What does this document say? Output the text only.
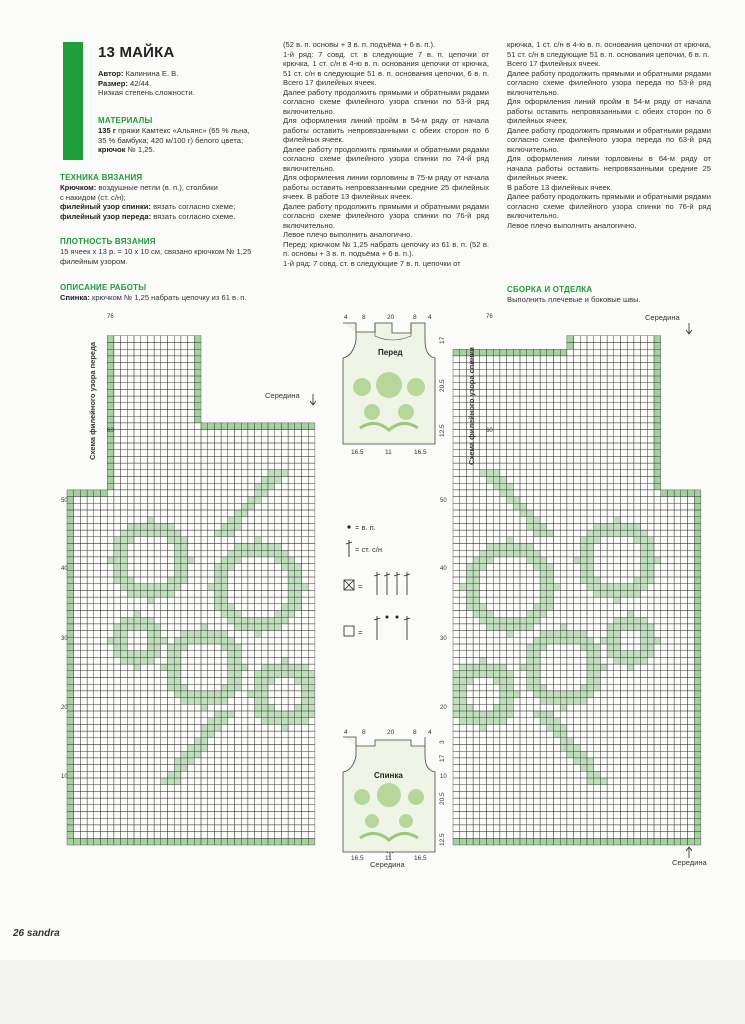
13 МАЙКА
Автор: Калинина Е. В.
Размер: 42/44.
Низкая степень сложности.
МАТЕРИАЛЫ
135 г пряжи Камтекс «Альянс» (65 % льна,
35 % бамбука; 420 м/100 г) белого цвета;
крючок № 1,25.
ТЕХНИКА ВЯЗАНИЯ
Крючком: воздушные петли (в. п.), столбики
с накидом (ст. с/н);
филейный узор спинки: вязать согласно схеме;
филейный узор переда: вязать согласно схеме.
ПЛОТНОСТЬ ВЯЗАНИЯ
15 ячеек х 13 р. = 10 х 10 см, связано крючком № 1,25
филейным узором.
ОПИСАНИЕ РАБОТЫ
Спинка: крючком № 1,25 набрать цепочку из 61 в. п.

(52 в. п. основы + 3 в. п. подъёма + 6 в. п.).

1-й ряд: 7 совд. ст. в следующие 7 в. п. цепочки от крючка, 1 ст. с/н в 4-ю в. п. основания цепочки от крючка, 51 ст. с/н в следующие 51 в. п. основания цепочки, 6 в. п. Всего 17 филейных ячеек.

Далее работу продолжить прямыми и обратными рядами согласно схеме филейного узора спинки по 53-й ряд включительно.

Для оформления линий пройм в 54-м ряду от начала работы оставить непровязанными с обеих сторон по 6 филейных ячеек.

Далее работу продолжить прямыми и обратными рядами согласно схеме филейного узора спинки по 74-й ряд включительно.

Для оформления линии горловины в 75-м ряду от начала работы оставить непровязанными средние 25 филейных ячеек. В работе 13 филейных ячеек.

Далее работу продолжить прямыми и обратными рядами согласно схеме филейного узора спинки по 76-й ряд включительно.

Левое плечо выполнить аналогично.

Перед: крючком № 1,25 набрать цепочку из 61 в. п. (52 в. п. основы + 3 в. п. подъёма + 6 в. п.).

1-й ряд: 7 совд. ст. в следующие 7 в. п. цепочки от

крючка, 1 ст. с/н в 4-ю в. п. основания цепочки от крючка, 51 ст. с/н в следующие 51 в. п. основания цепочки, 6 в. п.

Всего 17 филейных ячеек.

Далее работу продолжить прямыми и обратными рядами согласно схеме филейного узора переда по 53-й ряд включительно.

Для оформления линий пройм в 54-м ряду от начала работы оставить непровязанными с обеих сторон по 6 филейных ячеек.

Далее работу продолжить прямыми и обратными рядами согласно схеме филейного узора переда по 63-й ряд включительно.

Для оформления линии горловины в 64-м ряду от начала работы оставить непровязанными средние 25 филейных ячеек.

В работе 13 филейных ячеек.

Далее работу продолжить прямыми и обратными рядами согласно схеме филейного узора спинки по 76-й ряд включительно.

Левое плечо выполнить аналогично.

СБОРКА И ОТДЕЛКА
Выполнить плечевые и боковые швы.
Схема филейного узора переда	Схема филейного узора спинки
76
60
50
40
30
20
10
Середина
76
60
50
40
30
20
10
Середина
Середина
Середина
Перед
4 8	20	8 4
17
20.5
12.5
16.5	11	16.5
Спинка
4 8	20	8 4
3
17
20.5
12.5
16.5	11	16.5
= в. п.
= ст. с/н
=
=
26 sandra
